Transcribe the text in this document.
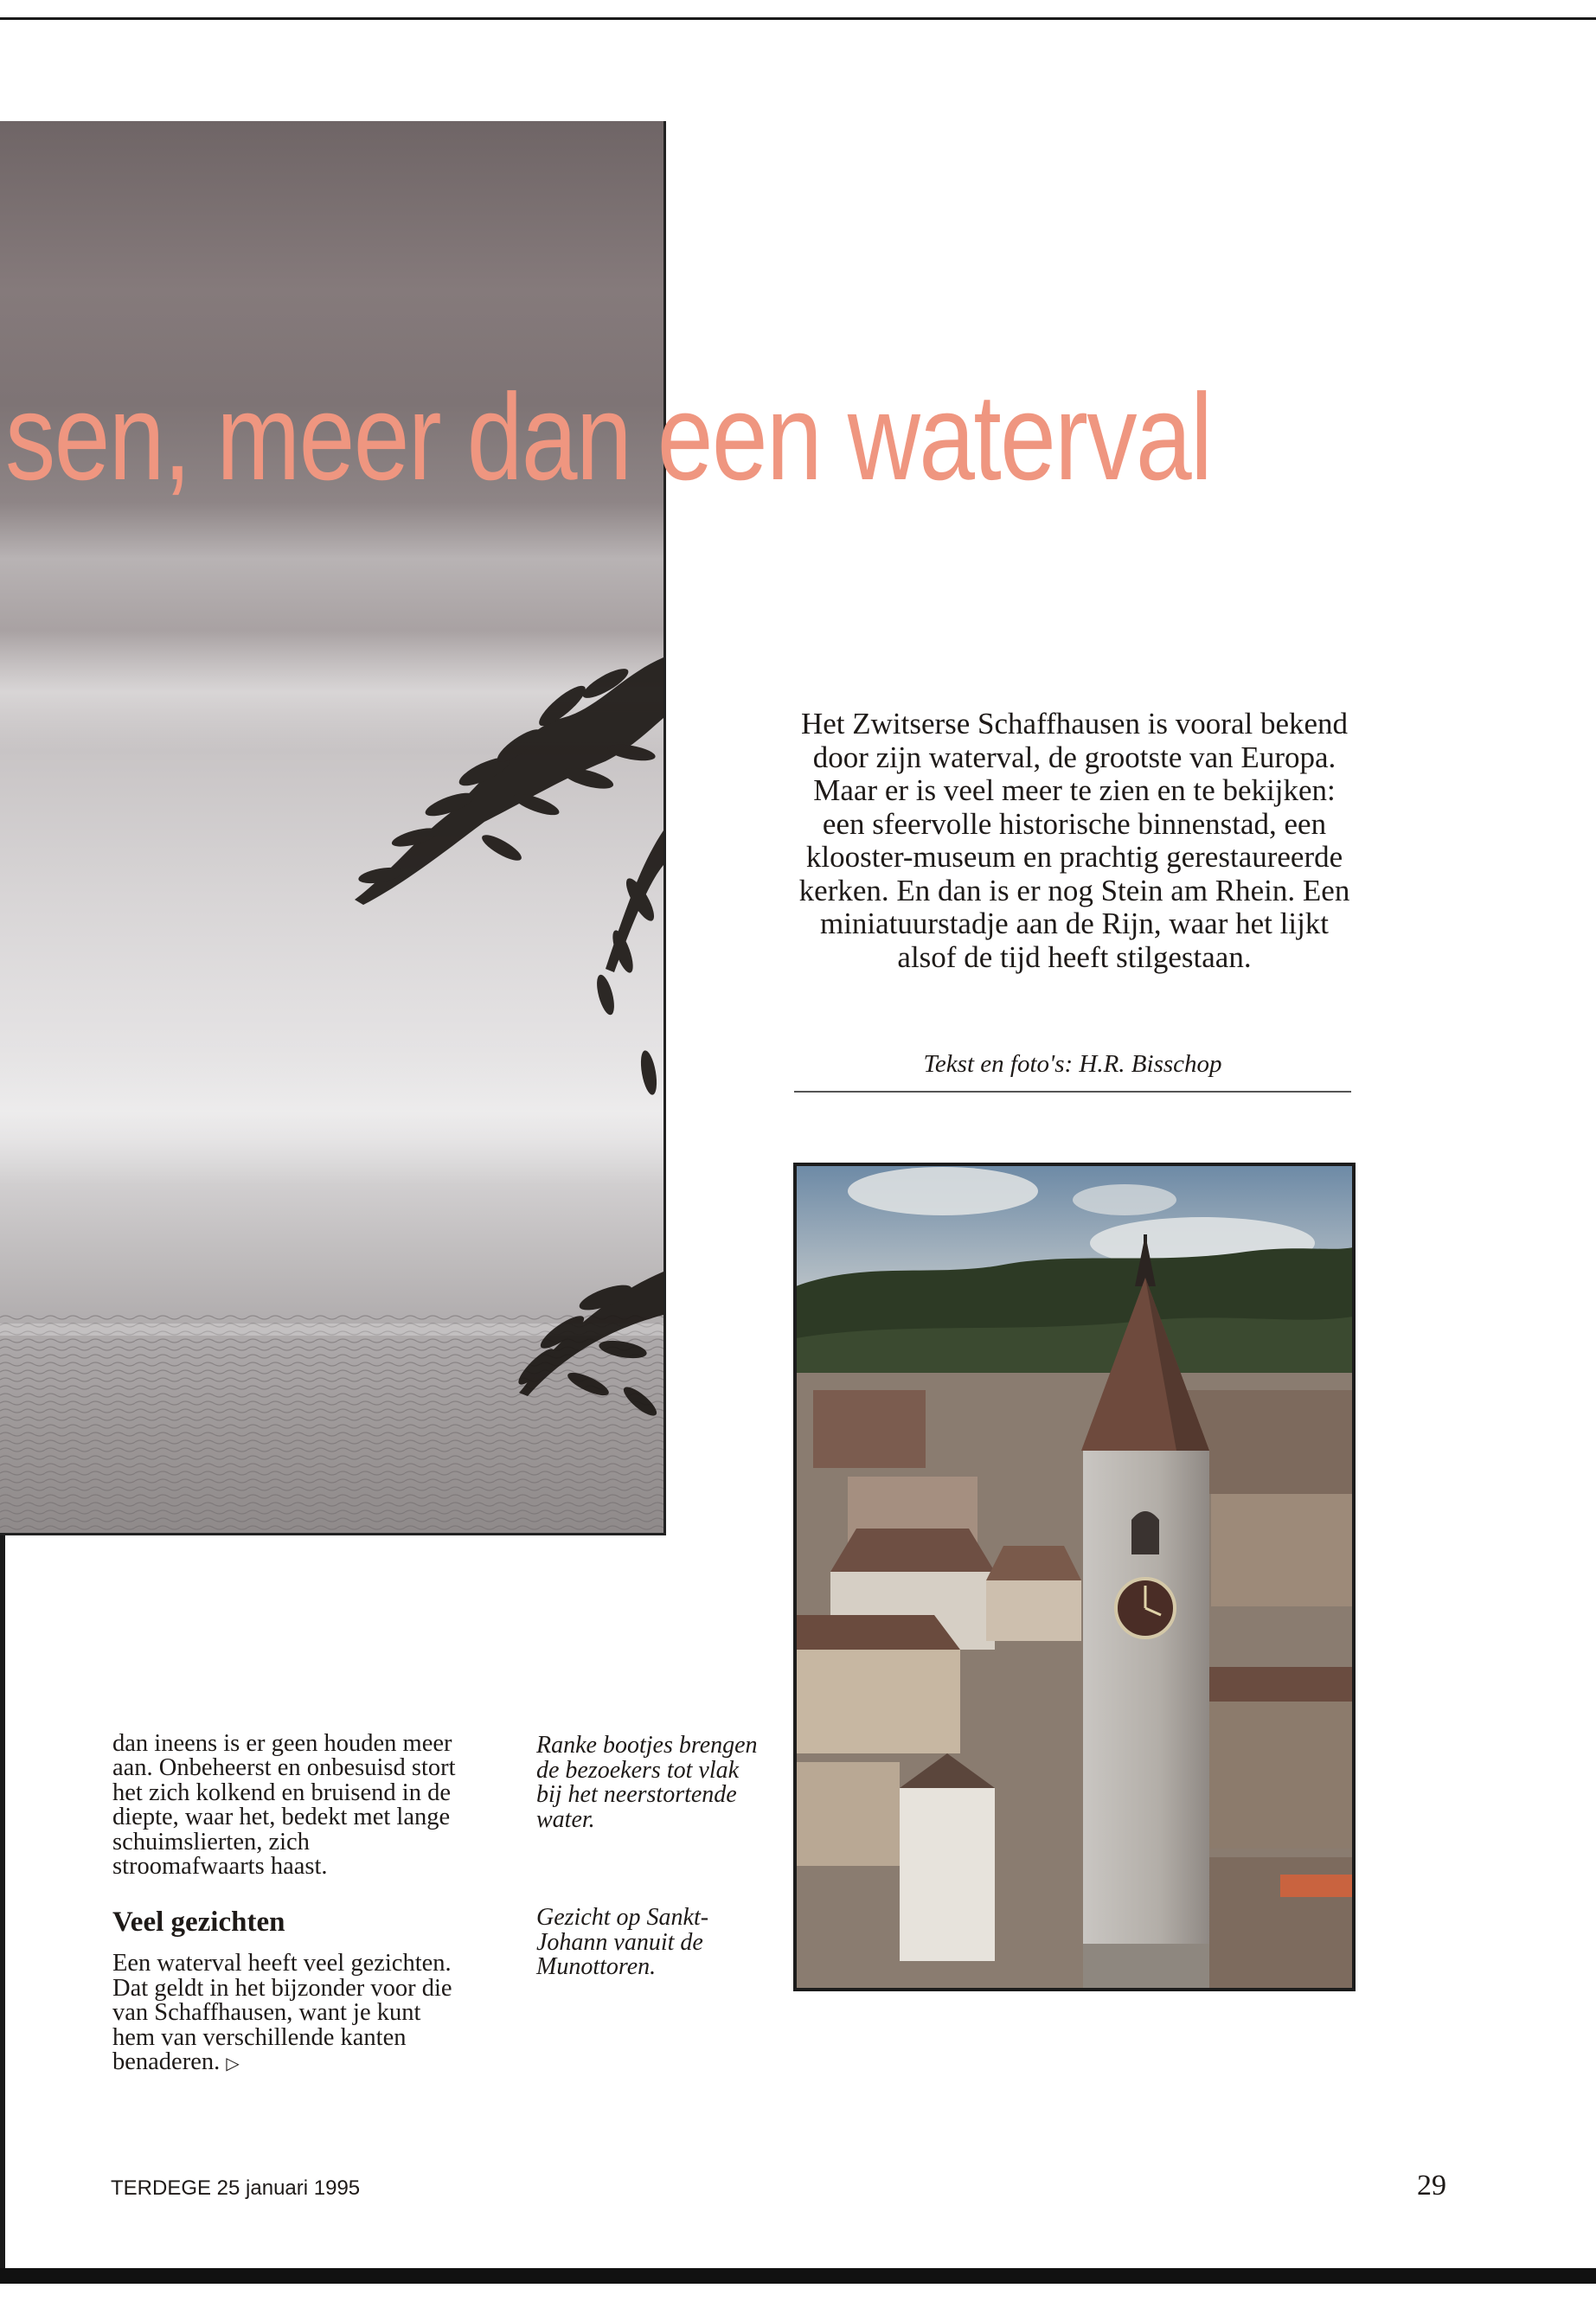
sen, meer dan een waterval

Het Zwitserse Schaffhausen is vooral bekend door zijn waterval, de grootste van Europa. Maar er is veel meer te zien en te bekijken: een sfeervolle historische binnenstad, een klooster-museum en prachtig gerestaureerde kerken. En dan is er nog Stein am Rhein. Een miniatuurstadje aan de Rijn, waar het lijkt alsof de tijd heeft stilgestaan.

Tekst en foto's: H.R. Bisschop

dan ineens is er geen houden meer aan. Onbeheerst en onbesuisd stort het zich kolkend en bruisend in de diepte, waar het, bedekt met lange schuimslierten, zich stroomafwaarts haast.

Veel gezichten

Een waterval heeft veel gezichten. Dat geldt in het bijzonder voor die van Schaffhausen, want je kunt hem van verschillende kanten benaderen. ▷

Ranke bootjes brengen de bezoekers tot vlak bij het neerstortende water.

Gezicht op Sankt-Johann vanuit de Munottoren.

TERDEGE 25 januari 1995	29
